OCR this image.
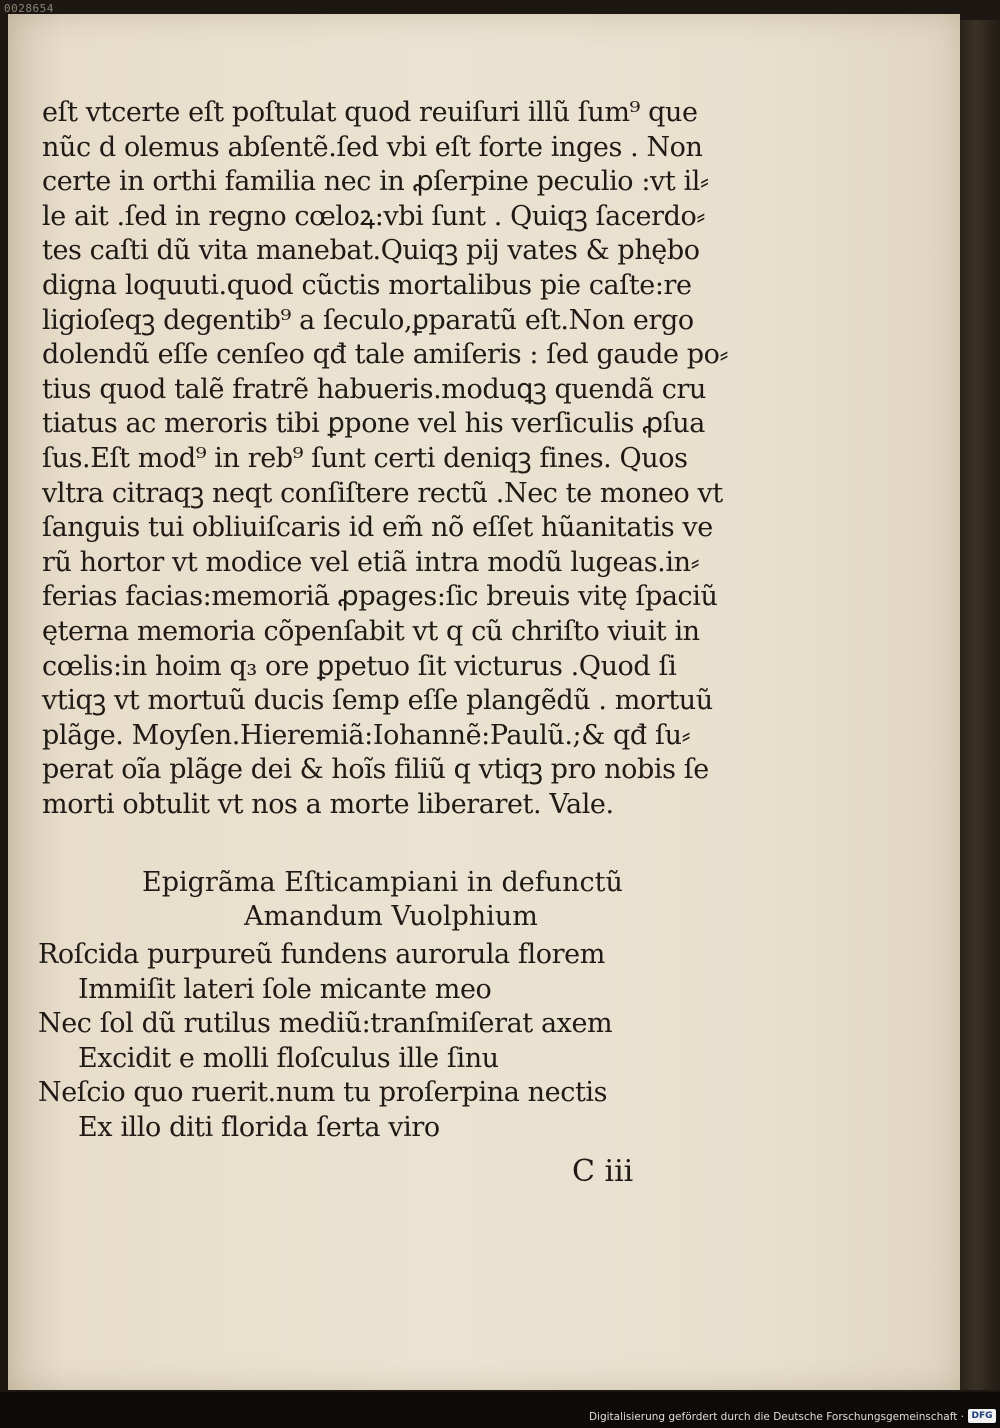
0028654
eſt vtcerte eſt poſtulat quod reuiſuri illũ ſum⁹ que
nũc d olemus abſentẽ.ſed vbi eſt forte inges . Non
certe in orthi familia nec in ꝓſerpine peculio :vt il⸗
le ait .ſed in regno cœloꝝ:vbi ſunt . Quiqꝫ ſacerdo⸗
tes caſti dũ vita manebat.Quiqꝫ pij vates & phębo
digna loquuti.quod cũctis mortalibus pie caſte:re
ligioſeqꝫ degentib⁹ a ſeculo,ꝑparatũ eſt.Non ergo
dolendũ eſſe cenſeo qđ tale amiſeris : ſed gaude po⸗
tius quod talẽ fratrẽ habueris.moduꝗꝫ quendã cru
tiatus ac meroris tibi ꝑpone vel his verſiculis ꝓſua
ſus.Eſt mod⁹ in reb⁹ ſunt certi deniqꝫ fines. Quos
vltra citraqꝫ neqt conſiſtere rectũ .Nec te moneo vt
ſanguis tui obliuiſcaris id em̃ nõ eſſet hũanitatis ve
rũ hortor vt modice vel etiã intra modũ lugeas.in⸗
ferias facias:memoriã ꝓpages:ſic breuis vitę ſpaciũ
ęterna memoria cõpenſabit vt q cũ chriſto viuit in
cœlis:in hoim q₃ ore ꝑpetuo ſit victurus .Quod ſi
vtiqꝫ vt mortuũ ducis ſemp eſſe plangẽdũ . mortuũ
plãge. Moyſen.Hieremiã:Iohannẽ:Paulũ.;& qđ ſu⸗
perat oĩa plãge dei & hoĩs filiũ q vtiqꝫ pro nobis ſe
morti obtulit vt nos a morte liberaret. Vale.
Epigrãma Eſticampiani in defunctũ
Amandum Vuolphium
Roſcida purpureũ fundens aurorula florem
Immiſit lateri ſole micante meo
Nec ſol dũ rutilus mediũ:tranſmiſerat axem
Excidit e molli floſculus ille ſinu
Neſcio quo ruerit.num tu proſerpina nectis
Ex illo diti florida ſerta viro
C iii
Digitalisierung gefördert durch die Deutsche Forschungsgemeinschaft · DFG
